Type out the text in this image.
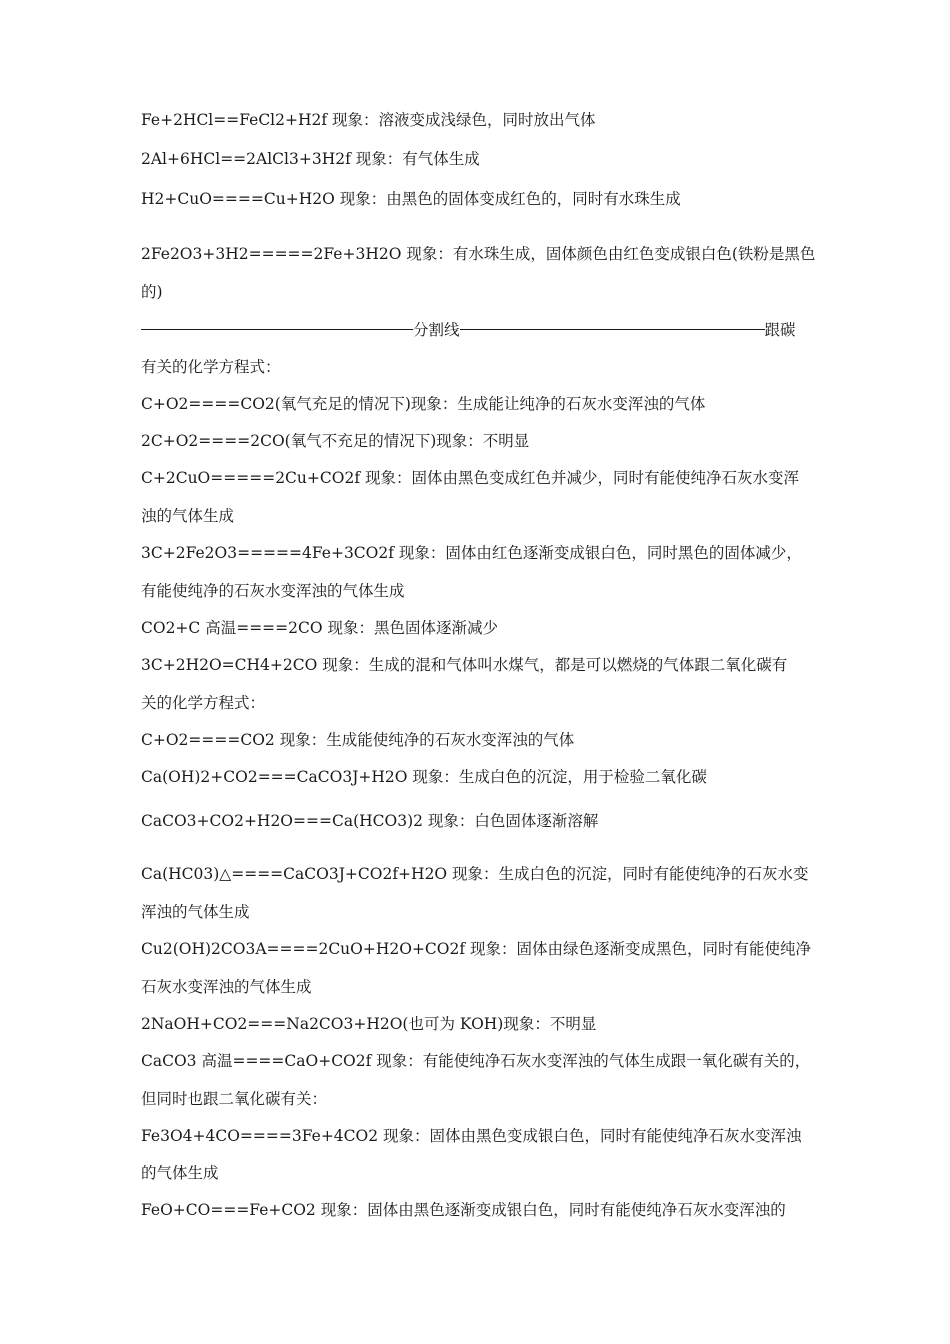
Fe+2HCl==FeCl2+H2f 现象：溶液变成浅绿色，同时放出气体
2Al+6HCl==2AlCl3+3H2f 现象：有气体生成
H2+CuO====Cu+H2O 现象：由黑色的固体变成红色的，同时有水珠生成
2Fe2O3+3H2=====2Fe+3H2O 现象：有水珠生成，固体颜色由红色变成银白色(铁粉是黑色
的)
分割线	跟碳
有关的化学方程式：
C+O2====CO2(氧气充足的情况下)现象：生成能让纯净的石灰水变浑浊的气体
2C+O2====2CO(氧气不充足的情况下)现象：不明显
C+2CuO=====2Cu+CO2f 现象：固体由黑色变成红色并减少，同时有能使纯净石灰水变浑
浊的气体生成
3C+2Fe2O3=====4Fe+3CO2f 现象：固体由红色逐渐变成银白色，同时黑色的固体减少，
有能使纯净的石灰水变浑浊的气体生成
CO2+C 高温====2CO 现象：黑色固体逐渐减少
3C+2H2O=CH4+2CO 现象：生成的混和气体叫水煤气，都是可以燃烧的气体跟二氧化碳有
关的化学方程式：
C+O2====CO2 现象：生成能使纯净的石灰水变浑浊的气体
Ca(OH)2+CO2===CaCO3J+H2O 现象：生成白色的沉淀，用于检验二氧化碳
CaCO3+CO2+H2O===Ca(HCO3)2 现象：白色固体逐渐溶解
Ca(HC03)△====CaCO3J+CO2f+H2O 现象：生成白色的沉淀，同时有能使纯净的石灰水变
浑浊的气体生成
Cu2(OH)2CO3A====2CuO+H2O+CO2f 现象：固体由绿色逐渐变成黑色，同时有能使纯净
石灰水变浑浊的气体生成
2NaOH+CO2===Na2CO3+H2O(也可为 KOH)现象：不明显
CaCO3 高温====CaO+CO2f 现象：有能使纯净石灰水变浑浊的气体生成跟一氧化碳有关的，
但同时也跟二氧化碳有关：
Fe3O4+4CO====3Fe+4CO2 现象：固体由黑色变成银白色，同时有能使纯净石灰水变浑浊
的气体生成
FeO+CO===Fe+CO2 现象：固体由黑色逐渐变成银白色，同时有能使纯净石灰水变浑浊的
